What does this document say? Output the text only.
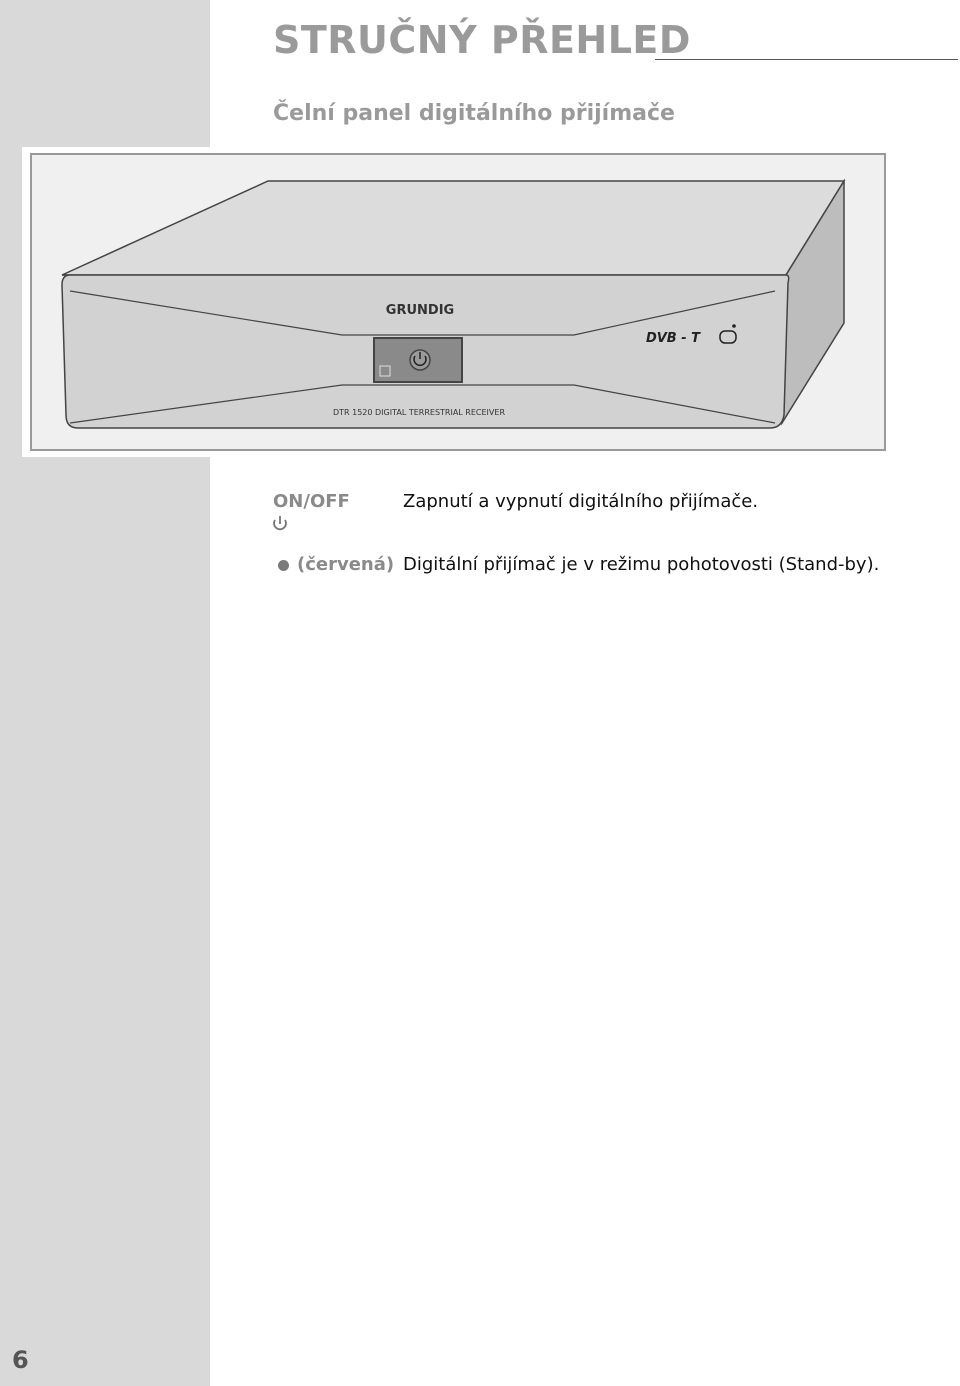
STRUČNÝ PŘEHLED
Čelní panel digitálního přijímače
GRUNDIG
DTR 1520 DIGITAL TERRESTRIAL RECEIVER
DVB - T
ON/OFF	Zapnutí a vypnutí digitálního přijímače.
(červená) Digitální přijímač je v režimu pohotovosti (Stand-by).
6
